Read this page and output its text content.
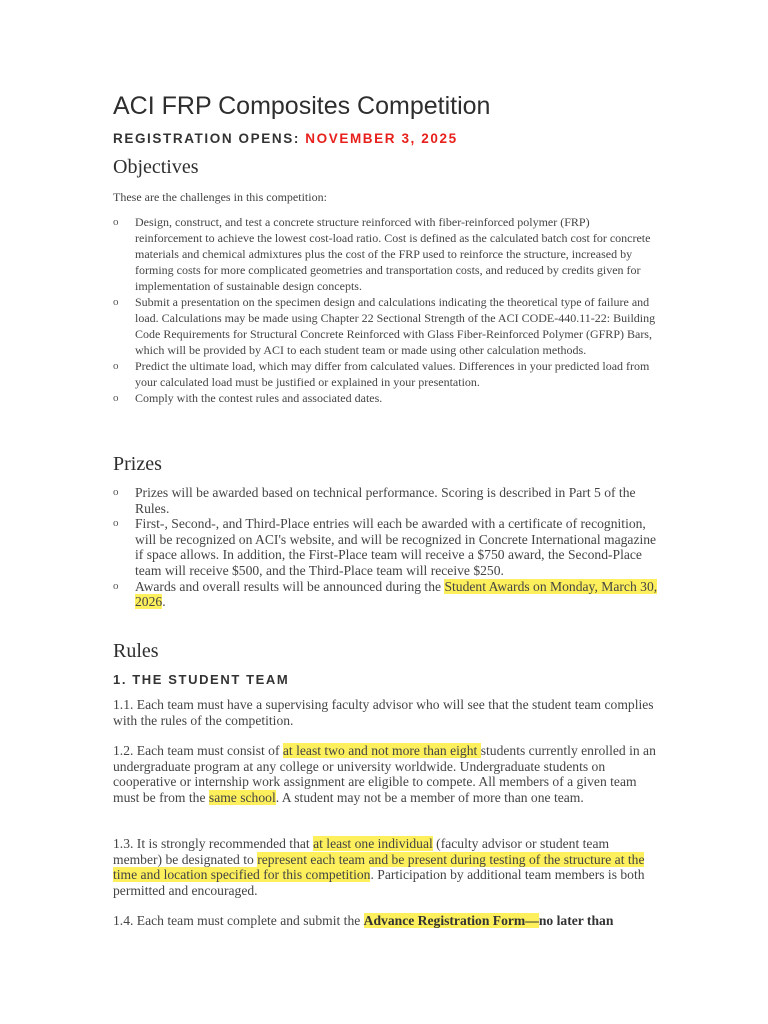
ACI FRP Composites Competition
REGISTRATION OPENS: NOVEMBER 3, 2025
Objectives
These are the challenges in this competition:
o Design, construct, and test a concrete structure reinforced with fiber-reinforced polymer (FRP) reinforcement to achieve the lowest cost-load ratio. Cost is defined as the calculated batch cost for concrete materials and chemical admixtures plus the cost of the FRP used to reinforce the structure, increased by forming costs for more complicated geometries and transportation costs, and reduced by credits given for implementation of sustainable design concepts.
o Submit a presentation on the specimen design and calculations indicating the theoretical type of failure and load. Calculations may be made using Chapter 22 Sectional Strength of the ACI CODE-440.11-22: Building Code Requirements for Structural Concrete Reinforced with Glass Fiber-Reinforced Polymer (GFRP) Bars, which will be provided by ACI to each student team or made using other calculation methods.
o Predict the ultimate load, which may differ from calculated values. Differences in your predicted load from your calculated load must be justified or explained in your presentation.
o Comply with the contest rules and associated dates.
Prizes
o Prizes will be awarded based on technical performance. Scoring is described in Part 5 of the Rules.
o First-, Second-, and Third-Place entries will each be awarded with a certificate of recognition, will be recognized on ACI's website, and will be recognized in Concrete International magazine if space allows. In addition, the First-Place team will receive a $750 award, the Second-Place team will receive $500, and the Third-Place team will receive $250.
o Awards and overall results will be announced during the Student Awards on Monday, March 30, 2026.
Rules
1. THE STUDENT TEAM
1.1. Each team must have a supervising faculty advisor who will see that the student team complies with the rules of the competition.
1.2. Each team must consist of at least two and not more than eight students currently enrolled in an undergraduate program at any college or university worldwide. Undergraduate students on cooperative or internship work assignment are eligible to compete. All members of a given team must be from the same school. A student may not be a member of more than one team.
1.3. It is strongly recommended that at least one individual (faculty advisor or student team member) be designated to represent each team and be present during testing of the structure at the time and location specified for this competition. Participation by additional team members is both permitted and encouraged.
1.4. Each team must complete and submit the Advance Registration Form—no later than
